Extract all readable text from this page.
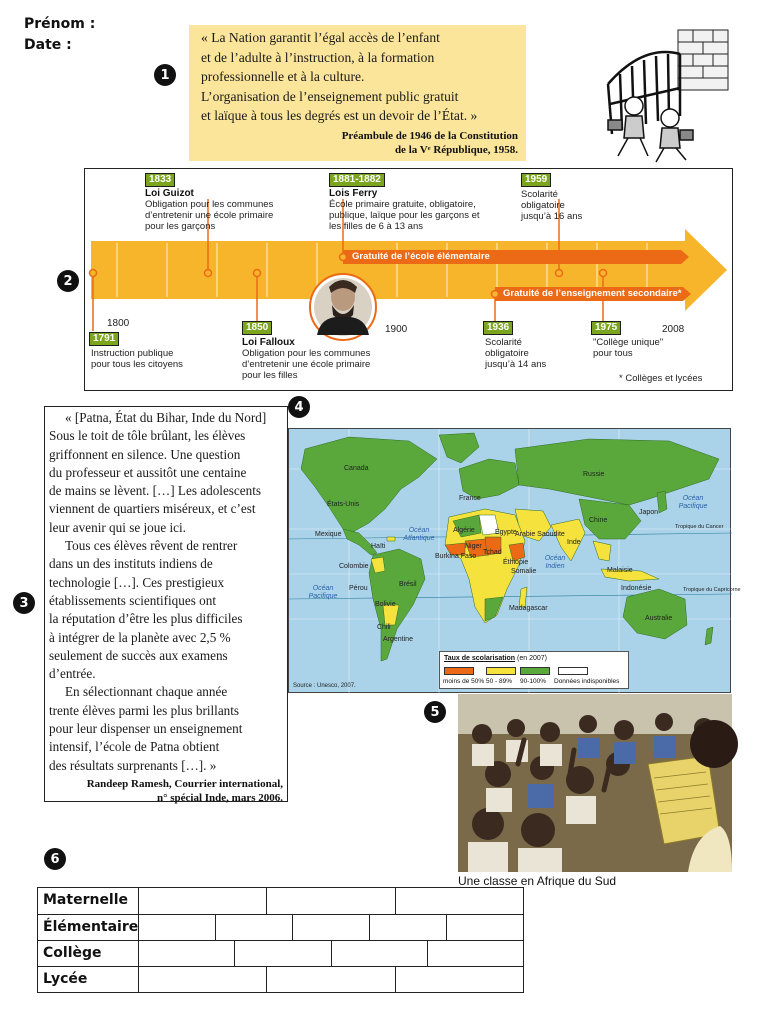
Prénom :
Date :
1
2
3
4
5
6
« La Nation garantit l’égal accès de l’enfant
et de l’adulte à l’instruction, à la formation
professionnelle et à la culture.
L’organisation de l’enseignement public gratuit
et laïque à tous les degrés est un devoir de l’État. »
Préambule de 1946 de la Constitution
de la Vᵉ République, 1958.
1833
Loi Guizot
Obligation pour les communes
d’entretenir une école primaire
pour les garçons
1881-1882
Lois Ferry
École primaire gratuite, obligatoire,
publique, laïque pour les garçons et
les filles de 6 à 13 ans
1959
Scolarité
obligatoire
jusqu’à 16 ans
Gratuité de l’école élémentaire
Gratuité de l’enseignement secondaire*
1800
1900	2008
1791
Instruction publique
pour tous les citoyens
1850
Loi Falloux
Obligation pour les communes
d’entretenir une école primaire
pour les filles
1936
Scolarité
obligatoire
jusqu’à 14 ans
1975
"Collège unique"
pour tous
* Collèges et lycées

« [Patna, État du Bihar, Inde du Nord]

Sous le toit de tôle brûlant, les élèves

griffonnent en silence. Une question

du professeur et aussitôt une centaine

de mains se lèvent. […] Les adolescents

viennent de quartiers miséreux, et c’est

leur avenir qui se joue ici.

Tous ces élèves rêvent de rentrer

dans un des instituts indiens de

technologie […]. Ces prestigieux

établissements scientifiques ont

la réputation d’être les plus difficiles

à intégrer de la planète avec 2,5 %

seulement de succès aux examens

d’entrée.

En sélectionnant chaque année

trente élèves parmi les plus brillants

pour leur dispenser un enseignement

intensif, l’école de Patna obtient

des résultats surprenants […]. »

Randeep Ramesh, Courrier international,
n° spécial Inde, mars 2006.
Canada
États-Unis
Mexique
Haïti
Colombie
Pérou
Brésil
Bolivie
Chili
Argentine
France
Algérie
Niger
Tchad
Burkina Faso
Égypte
Arabie Saoudite
Éthiopie
Somalie
Madagascar
Russie
Chine
Inde
Japon
Malaisie
Indonésie
Australie
Océan Atlantique
Océan Pacifique
Océan Indien
Océan Pacifique
Tropique du Cancer
Tropique du Capricorne
Source : Unesco, 2007.
Taux de scolarisation (en 2007)
moins de 50% 50 - 89% 90-100% Données indisponibles
Une classe en Afrique du Sud
Maternelle
Élémentaire
Collège
Lycée
